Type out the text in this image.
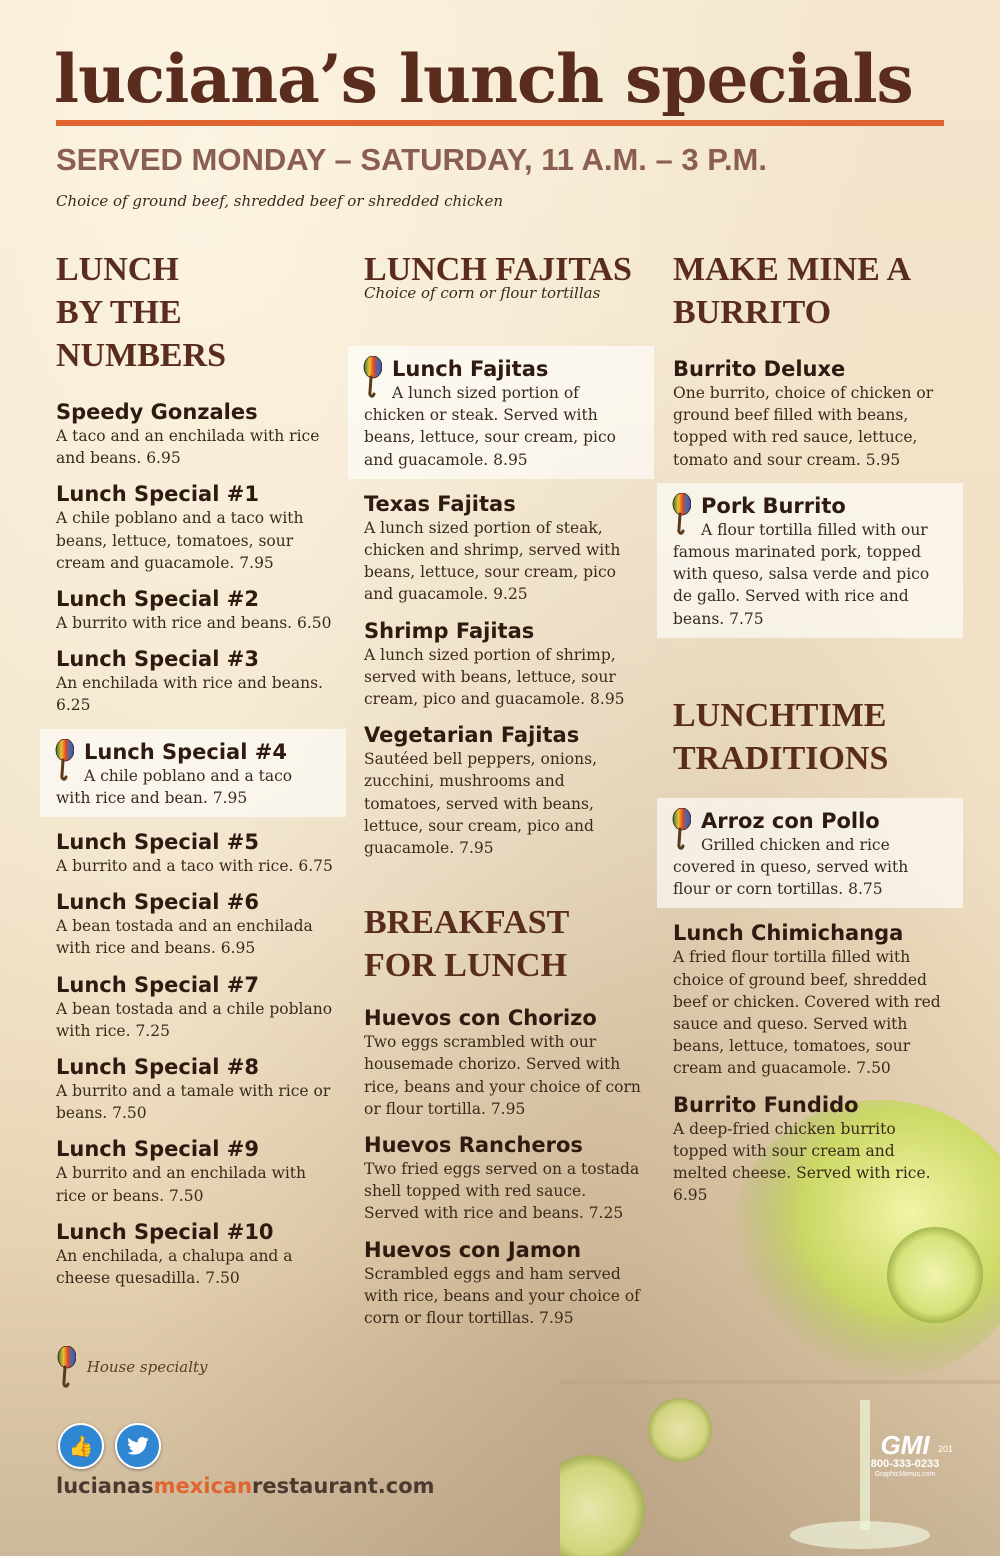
luciana’s lunch specials
SERVED MONDAY – SATURDAY, 11 A.M. – 3 P.M.
Choice of ground beef, shredded beef or shredded chicken
LUNCH
BY THE NUMBERS
Speedy Gonzales
A taco and an enchilada with rice and beans. 6.95
Lunch Special #1
A chile poblano and a taco with beans, lettuce, tomatoes, sour cream and guacamole. 7.95
Lunch Special #2
A burrito with rice and beans. 6.50
Lunch Special #3
An enchilada with rice and beans. 6.25
Lunch Special #4
A chile poblano and a taco with rice and bean. 7.95
Lunch Special #5
A burrito and a taco with rice. 6.75
Lunch Special #6
A bean tostada and an enchilada with rice and beans. 6.95
Lunch Special #7
A bean tostada and a chile poblano with rice. 7.25
Lunch Special #8
A burrito and a tamale with rice or beans. 7.50
Lunch Special #9
A burrito and an enchilada with rice or beans. 7.50
Lunch Special #10
An enchilada, a chalupa and a cheese quesadilla. 7.50
LUNCH FAJITAS
Choice of corn or flour tortillas
Lunch Fajitas
A lunch sized portion of chicken or steak. Served with beans, lettuce, sour cream, pico and guacamole. 8.95
Texas Fajitas
A lunch sized portion of steak, chicken and shrimp, served with beans, lettuce, sour cream, pico and guacamole. 9.25
Shrimp Fajitas
A lunch sized portion of shrimp, served with beans, lettuce, sour cream, pico and guacamole. 8.95
Vegetarian Fajitas
Sautéed bell peppers, onions, zucchini, mushrooms and tomatoes, served with beans, lettuce, sour cream, pico and guacamole. 7.95
BREAKFAST
FOR LUNCH
Huevos con Chorizo
Two eggs scrambled with our housemade chorizo. Served with rice, beans and your choice of corn or flour tortilla. 7.95
Huevos Rancheros
Two fried eggs served on a tostada shell topped with red sauce. Served with rice and beans. 7.25
Huevos con Jamon
Scrambled eggs and ham served with rice, beans and your choice of corn or flour tortillas. 7.95
MAKE MINE A
BURRITO
Burrito Deluxe
One burrito, choice of chicken or ground beef filled with beans, topped with red sauce, lettuce, tomato and sour cream. 5.95
Pork Burrito
A flour tortilla filled with our famous marinated pork, topped with queso, salsa verde and pico de gallo. Served with rice and beans. 7.75
LUNCHTIME
TRADITIONS
Arroz con Pollo
Grilled chicken and rice covered in queso, served with flour or corn tortillas. 8.75
Lunch Chimichanga
A fried flour tortilla filled with choice of ground beef, shredded beef or chicken. Covered with red sauce and queso. Served with beans, lettuce, tomatoes, sour cream and guacamole. 7.50
Burrito Fundido
A deep-fried chicken burrito topped with sour cream and melted cheese. Served with rice. 6.95
House specialty
👍
lucianasmexicanrestaurant.com
GMI 201
800-333-0233
GraphicMenus.com
